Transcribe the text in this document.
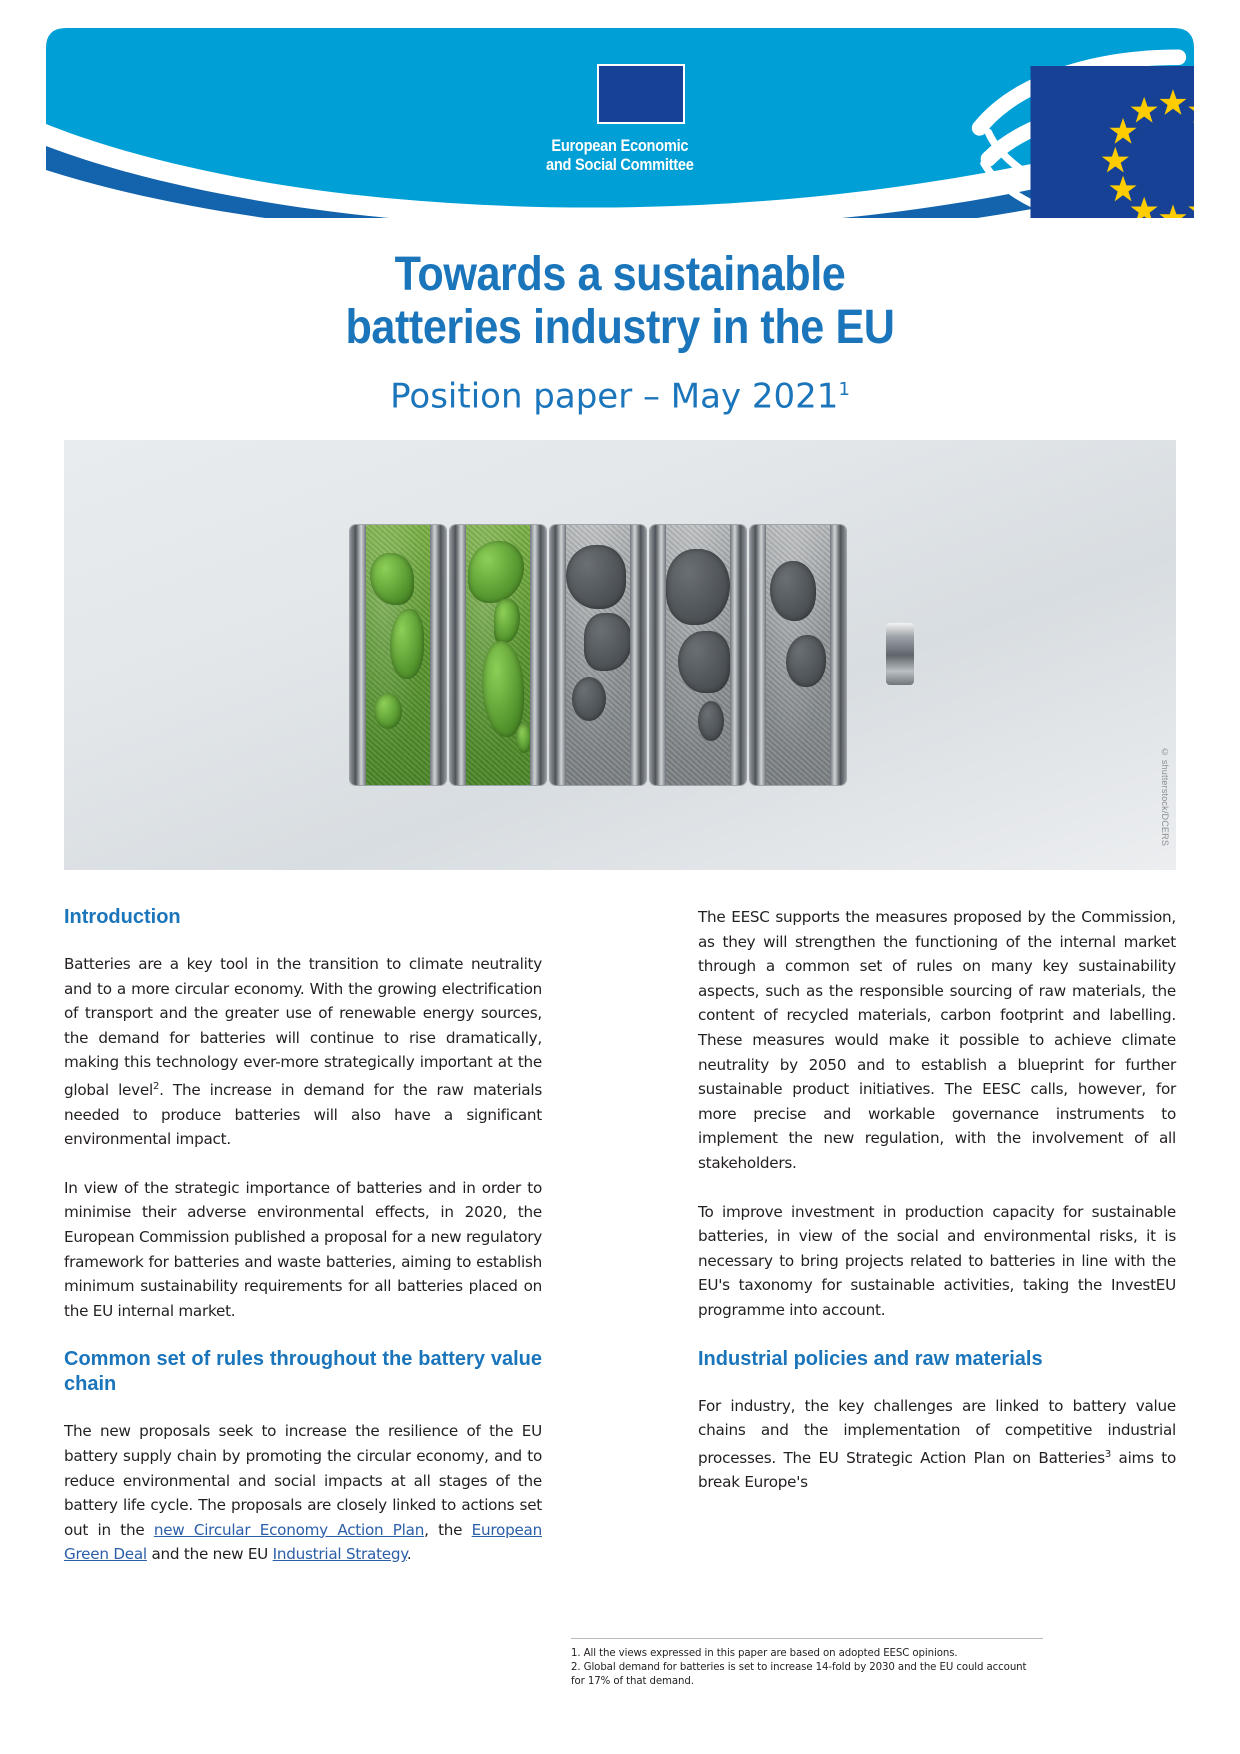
European Economic
and Social Committee
Towards a sustainable
batteries industry in the EU
Position paper – May 2021$^1$
© shutterstock/DCERS
Introduction

Batteries are a key tool in the transition to climate neutrality and to a more circular economy. With the growing electrification of transport and the greater use of renewable energy sources, the demand for batteries will continue to rise dramatically, making this technology ever-more strategically important at the global level$^2$. The increase in demand for the raw materials needed to produce batteries will also have a significant environmental impact.

In view of the strategic importance of batteries and in order to minimise their adverse environmental effects, in 2020, the European Commission published a proposal for a new regulatory framework for batteries and waste batteries, aiming to establish minimum sustainability requirements for all batteries placed on the EU internal market.

Common set of rules throughout the battery value chain

The new proposals seek to increase the resilience of the EU battery supply chain by promoting the circular economy, and to reduce environmental and social impacts at all stages of the battery life cycle. The proposals are closely linked to actions set out in the new Circular Economy Action Plan, the European Green Deal and the new EU Industrial Strategy.

The EESC supports the measures proposed by the Commission, as they will strengthen the functioning of the internal market through a common set of rules on many key sustainability aspects, such as the responsible sourcing of raw materials, the content of recycled materials, carbon footprint and labelling. These measures would make it possible to achieve climate neutrality by 2050 and to establish a blueprint for further sustainable product initiatives. The EESC calls, however, for more precise and workable governance instruments to implement the new regulation, with the involvement of all stakeholders.

To improve investment in production capacity for sustainable batteries, in view of the social and environmental risks, it is necessary to bring projects related to batteries in line with the EU's taxonomy for sustainable activities, taking the InvestEU programme into account.

Industrial policies and raw materials

For industry, the key challenges are linked to battery value chains and the implementation of competitive industrial processes. The EU Strategic Action Plan on Batteries$^3$ aims to break Europe's

1. All the views expressed in this paper are based on adopted EESC opinions.

2. Global demand for batteries is set to increase 14-fold by 2030 and the EU could account for 17% of that demand.
